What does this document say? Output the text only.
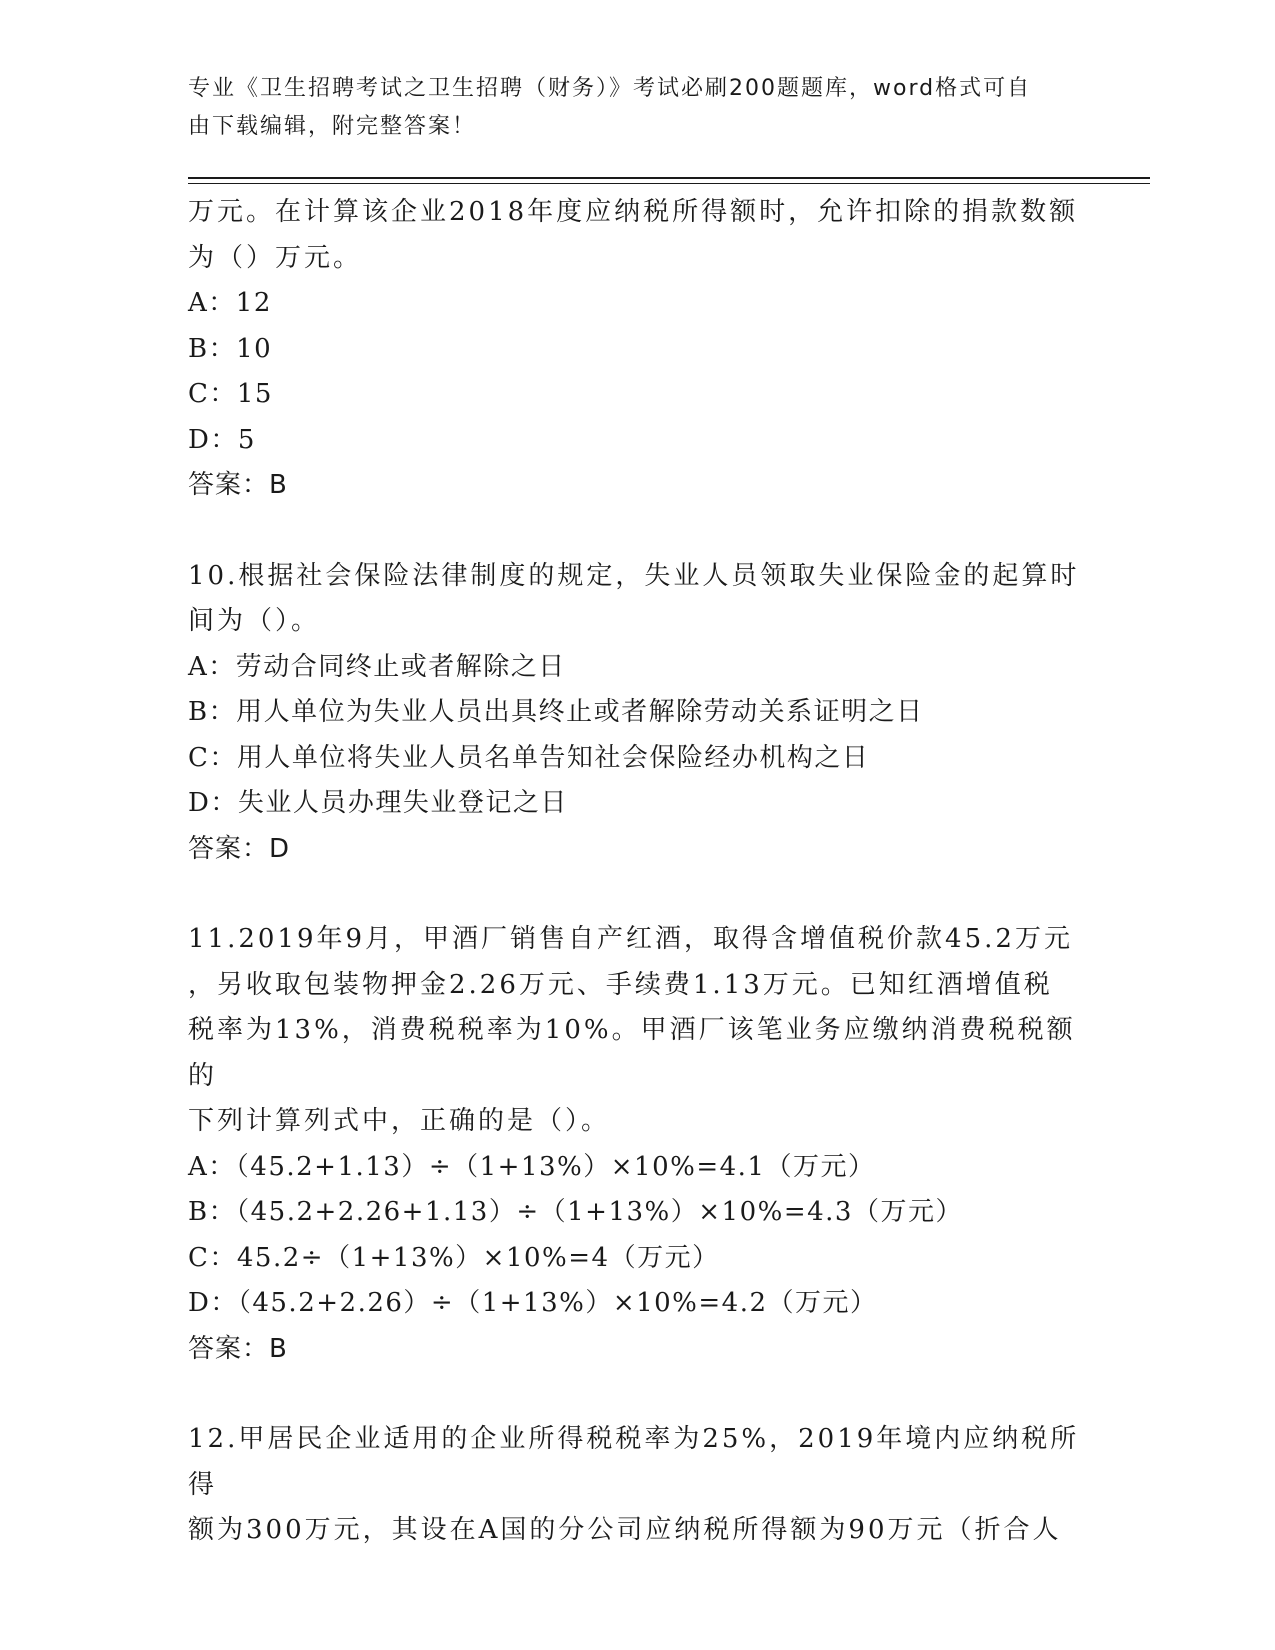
专业《卫生招聘考试之卫生招聘（财务）》考试必刷200题题库，word格式可自
由下载编辑，附完整答案！

万元。在计算该企业2018年度应纳税所得额时，允许扣除的捐款数额

为（）万元。

A：12

B：10

C：15

D：5

答案：B

10.根据社会保险法律制度的规定，失业人员领取失业保险金的起算时

间为（）。

A：劳动合同终止或者解除之日

B：用人单位为失业人员出具终止或者解除劳动关系证明之日

C：用人单位将失业人员名单告知社会保险经办机构之日

D：失业人员办理失业登记之日

答案：D

11.2019年9月，甲酒厂销售自产红酒，取得含增值税价款45.2万元

，另收取包装物押金2.26万元、手续费1.13万元。已知红酒增值税

税率为13%，消费税税率为10%。甲酒厂该笔业务应缴纳消费税税额的

下列计算列式中，正确的是（）。

A：（45.2+1.13）÷（1+13%）×10%=4.1（万元）

B：（45.2+2.26+1.13）÷（1+13%）×10%=4.3（万元）

C：45.2÷（1+13%）×10%=4（万元）

D：（45.2+2.26）÷（1+13%）×10%=4.2（万元）

答案：B

12.甲居民企业适用的企业所得税税率为25%，2019年境内应纳税所得

额为300万元，其设在A国的分公司应纳税所得额为90万元（折合人
